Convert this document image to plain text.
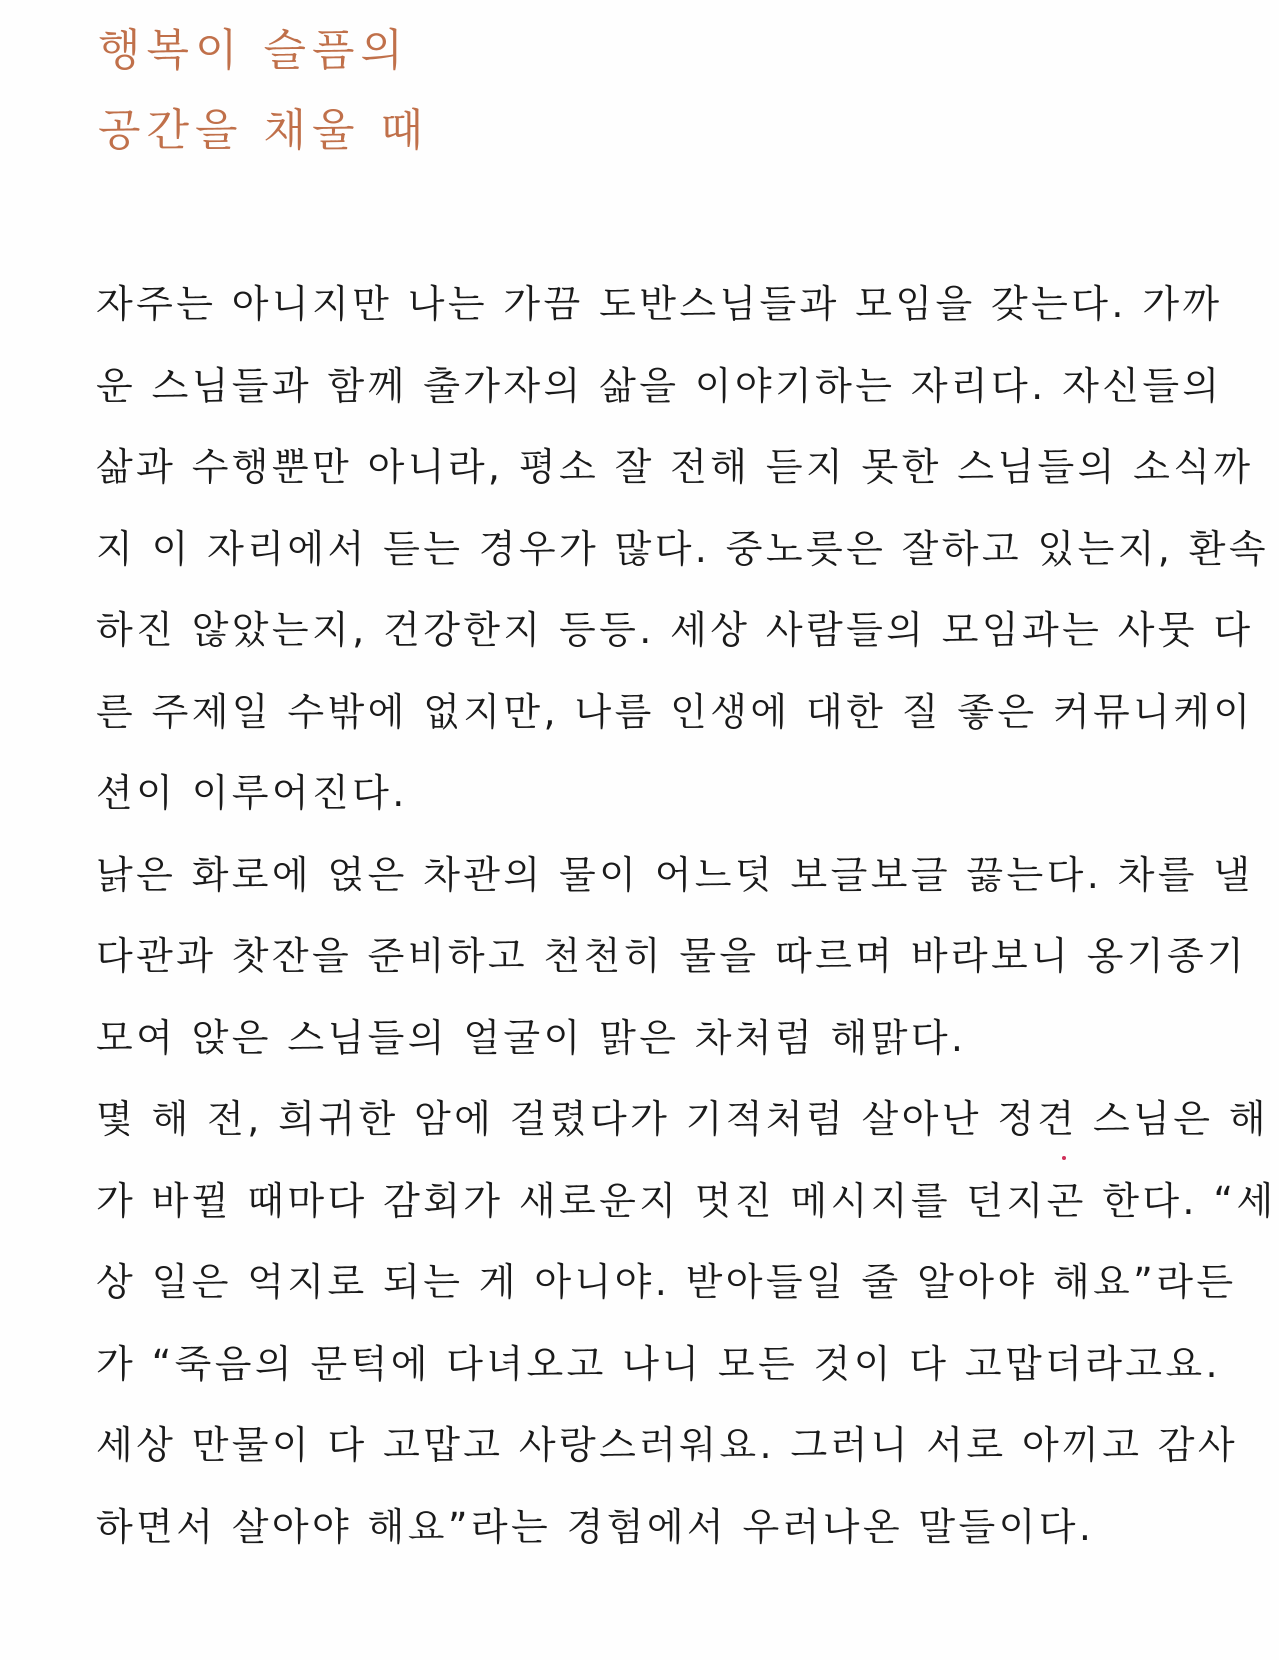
행복이 슬픔의
공간을 채울 때
자주는 아니지만 나는 가끔 도반스님들과 모임을 갖는다. 가까
운 스님들과 함께 출가자의 삶을 이야기하는 자리다. 자신들의
삶과 수행뿐만 아니라, 평소 잘 전해 듣지 못한 스님들의 소식까
지 이 자리에서 듣는 경우가 많다. 중노릇은 잘하고 있는지, 환속
하진 않았는지, 건강한지 등등. 세상 사람들의 모임과는 사뭇 다
른 주제일 수밖에 없지만, 나름 인생에 대한 질 좋은 커뮤니케이
션이 이루어진다.
낡은 화로에 얹은 차관의 물이 어느덧 보글보글 끓는다. 차를 낼
다관과 찻잔을 준비하고 천천히 물을 따르며 바라보니 옹기종기
모여 앉은 스님들의 얼굴이 맑은 차처럼 해맑다.
몇 해 전, 희귀한 암에 걸렸다가 기적처럼 살아난 정견 스님은 해
가 바뀔 때마다 감회가 새로운지 멋진 메시지를 던지곤 한다. “세
상 일은 억지로 되는 게 아니야. 받아들일 줄 알아야 해요”라든
가 “죽음의 문턱에 다녀오고 나니 모든 것이 다 고맙더라고요.
세상 만물이 다 고맙고 사랑스러워요. 그러니 서로 아끼고 감사
하면서 살아야 해요”라는 경험에서 우러나온 말들이다.
